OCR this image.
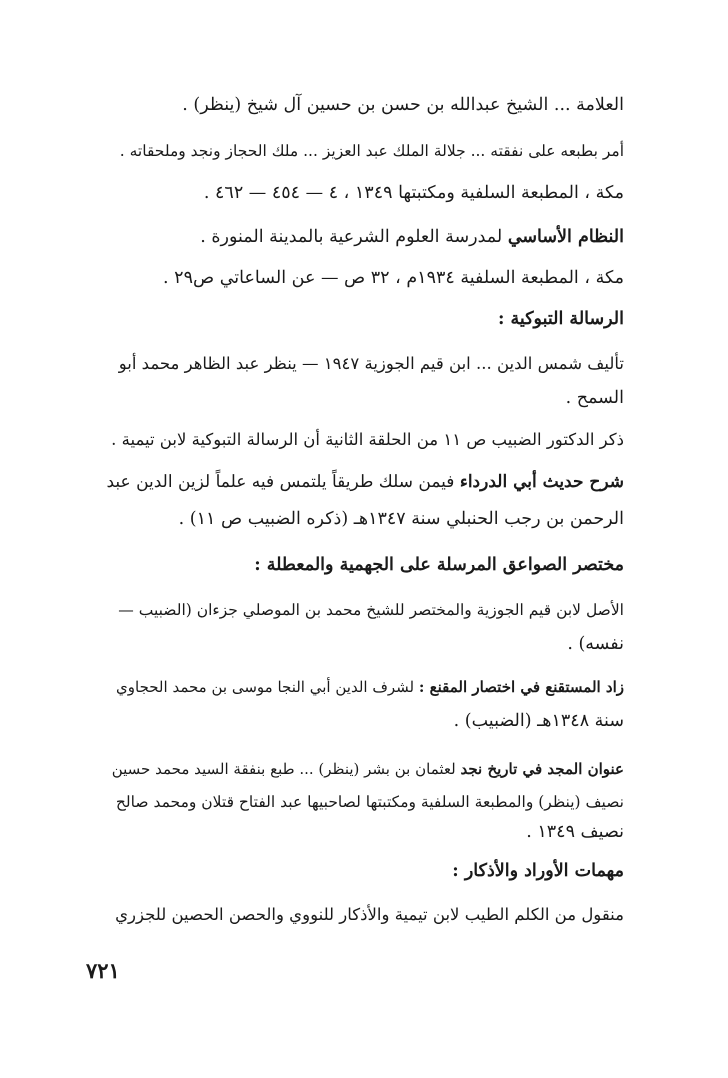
العلامة ... الشيخ عبدالله بن حسن بن حسين آل شيخ (ينظر) .
أمر بطبعه على نفقته ... جلالة الملك عبد العزيز ... ملك الحجاز ونجد وملحقاته .
مكة ، المطبعة السلفية ومكتبتها ١٣٤٩ ، ٤ — ٤٥٤ — ٤٦٢ .
النظام الأساسي لمدرسة العلوم الشرعية بالمدينة المنورة .
مكة ، المطبعة السلفية ١٩٣٤م ، ٣٢ ص — عن الساعاتي ص٢٩ .
الرسالة التبوكية :
تأليف شمس الدين ... ابن قيم الجوزية ١٩٤٧ — ينظر عبد الظاهر محمد أبو
السمح .
ذكر الدكتور الضبيب ص ١١ من الحلقة الثانية أن الرسالة التبوكية لابن تيمية .
شرح حديث أبي الدرداء فيمن سلك طريقاً يلتمس فيه علماً لزين الدين عبد
الرحمن بن رجب الحنبلي سنة ١٣٤٧هـ (ذكره الضبيب ص ١١) .
مختصر الصواعق المرسلة على الجهمية والمعطلة :
الأصل لابن قيم الجوزية والمختصر للشيخ محمد بن الموصلي جزءان (الضبيب —
نفسه) .
زاد المستقنع في اختصار المقنع : لشرف الدين أبي النجا موسى بن محمد الحجاوي
سنة ١٣٤٨هـ (الضبيب) .
عنوان المجد في تاريخ نجد لعثمان بن بشر (ينظر) ... طبع بنفقة السيد محمد حسين
نصيف (ينظر) والمطبعة السلفية ومكتبتها لصاحبيها عبد الفتاح قتلان ومحمد صالح
نصيف ١٣٤٩ .
مهمات الأوراد والأذكار :
منقول من الكلم الطيب لابن تيمية والأذكار للنووي والحصن الحصين للجزري
٧٢١
